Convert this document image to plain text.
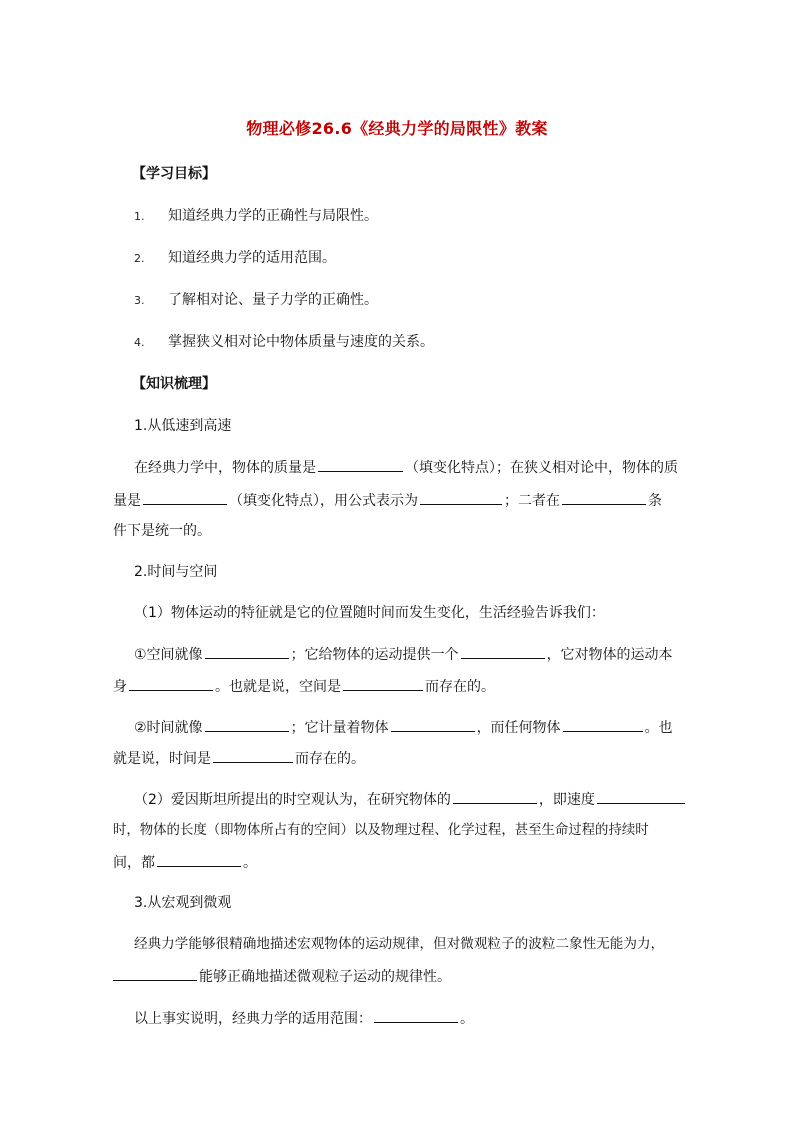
物理必修26.6《经典力学的局限性》教案
【学习目标】
1. 知道经典力学的正确性与局限性。
2. 知道经典力学的适用范围。
3. 了解相对论、量子力学的正确性。
4. 掌握狭义相对论中物体质量与速度的关系。
【知识梳理】
1.从低速到高速
在经典力学中，物体的质量是	（填变化特点）；在狭义相对论中，物体的质
量是	（填变化特点），用公式表示为	；二者在	条
件下是统一的。
2.时间与空间
（1）物体运动的特征就是它的位置随时间而发生变化，生活经验告诉我们：
①空间就像	；它给物体的运动提供一个	，它对物体的运动本
身	。也就是说，空间是	而存在的。
②时间就像	；它计量着物体	，而任何物体	。也
就是说，时间是	而存在的。
（2）爱因斯坦所提出的时空观认为，在研究物体的	，即速度
时，物体的长度（即物体所占有的空间）以及物理过程、化学过程，甚至生命过程的持续时
间，都	。
3.从宏观到微观
经典力学能够很精确地描述宏观物体的运动规律，但对微观粒子的波粒二象性无能为力，
能够正确地描述微观粒子运动的规律性。
以上事实说明，经典力学的适用范围：	。
